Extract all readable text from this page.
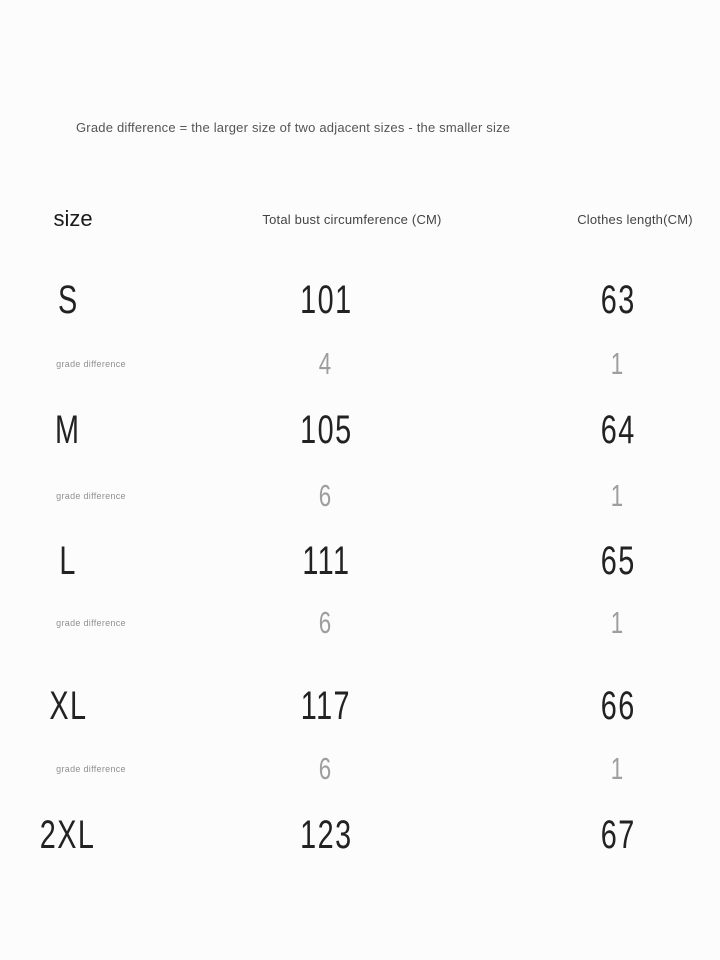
Grade difference = the larger size of two adjacent sizes - the smaller size
size	Total bust circumference (CM)	Clothes length(CM)
S	101	63
grade difference	4	1
M	105	64
grade difference	6	1
L	111	65
grade difference	6	1
XL	117	66
grade difference	6	1
2XL	123	67
